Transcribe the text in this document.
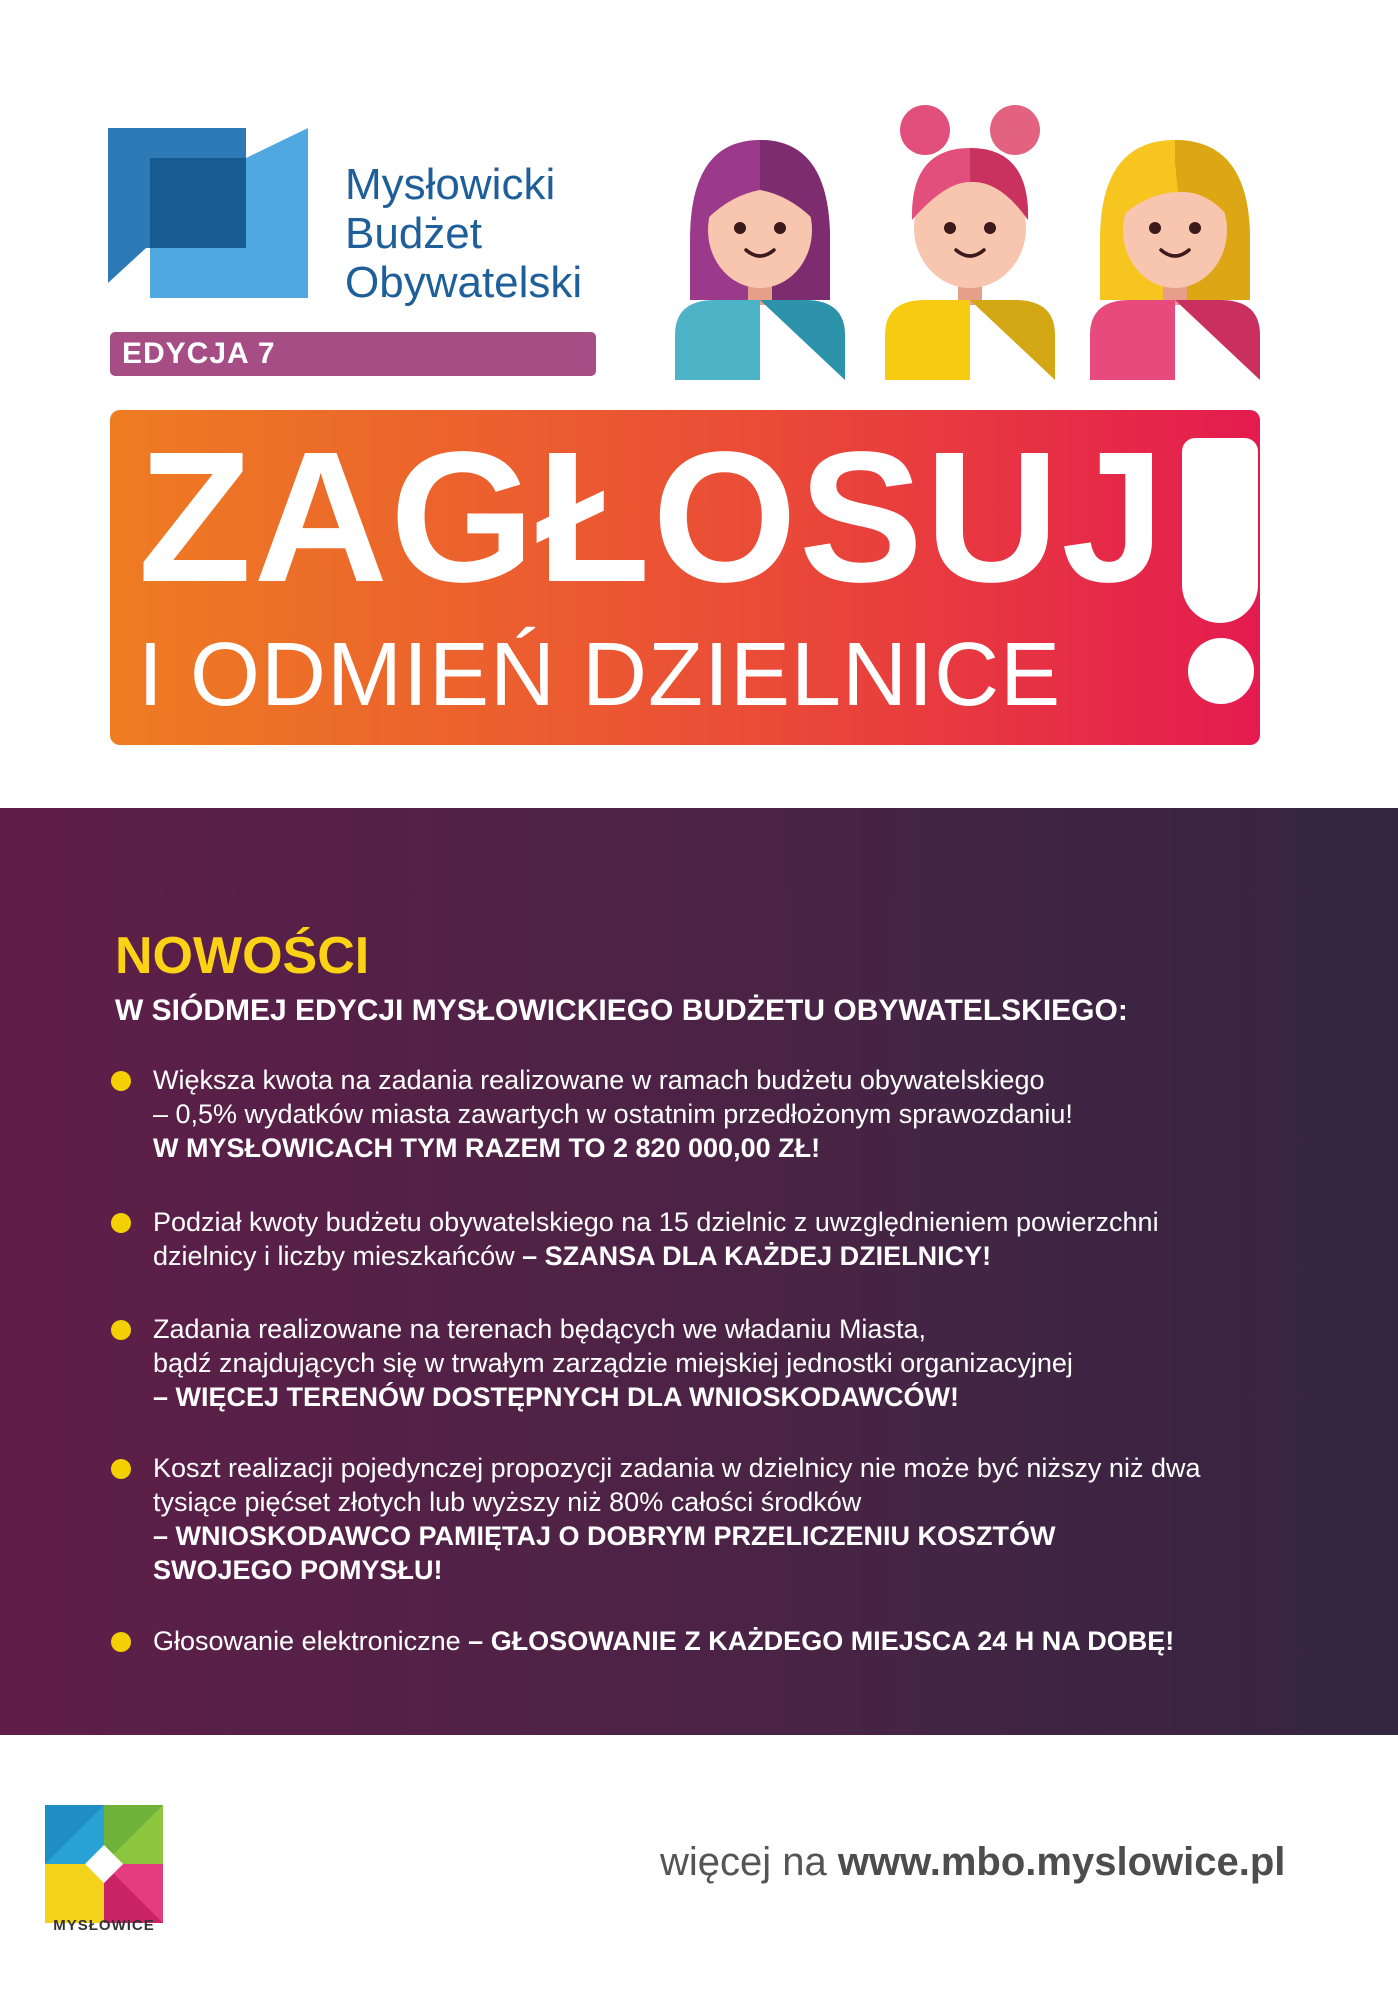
Mysłowicki
Budżet
Obywatelski
EDYCJA 7
ZAGŁOSUJ
I ODMIEŃ DZIELNICE
NOWOŚCI
W SIÓDMEJ EDYCJI MYSŁOWICKIEGO BUDŻETU OBYWATELSKIEGO:
Większa kwota na zadania realizowane w ramach budżetu obywatelskiego
– 0,5% wydatków miasta zawartych w ostatnim przedłożonym sprawozdaniu!
W MYSŁOWICACH TYM RAZEM TO 2 820 000,00 ZŁ!
Podział kwoty budżetu obywatelskiego na 15 dzielnic z uwzględnieniem powierzchni
dzielnicy i liczby mieszkańców – SZANSA DLA KAŻDEJ DZIELNICY!
Zadania realizowane na terenach będących we władaniu Miasta,
bądź znajdujących się w trwałym zarządzie miejskiej jednostki organizacyjnej
– WIĘCEJ TERENÓW DOSTĘPNYCH DLA WNIOSKODAWCÓW!
Koszt realizacji pojedynczej propozycji zadania w dzielnicy nie może być niższy niż dwa
tysiące pięćset złotych lub wyższy niż 80% całości środków
– WNIOSKODAWCO PAMIĘTAJ O DOBRYM PRZELICZENIU KOSZTÓW
SWOJEGO POMYSŁU!
Głosowanie elektroniczne – GŁOSOWANIE Z KAŻDEGO MIEJSCA 24 H NA DOBĘ!
MYSŁOWICE
więcej na www.mbo.myslowice.pl
